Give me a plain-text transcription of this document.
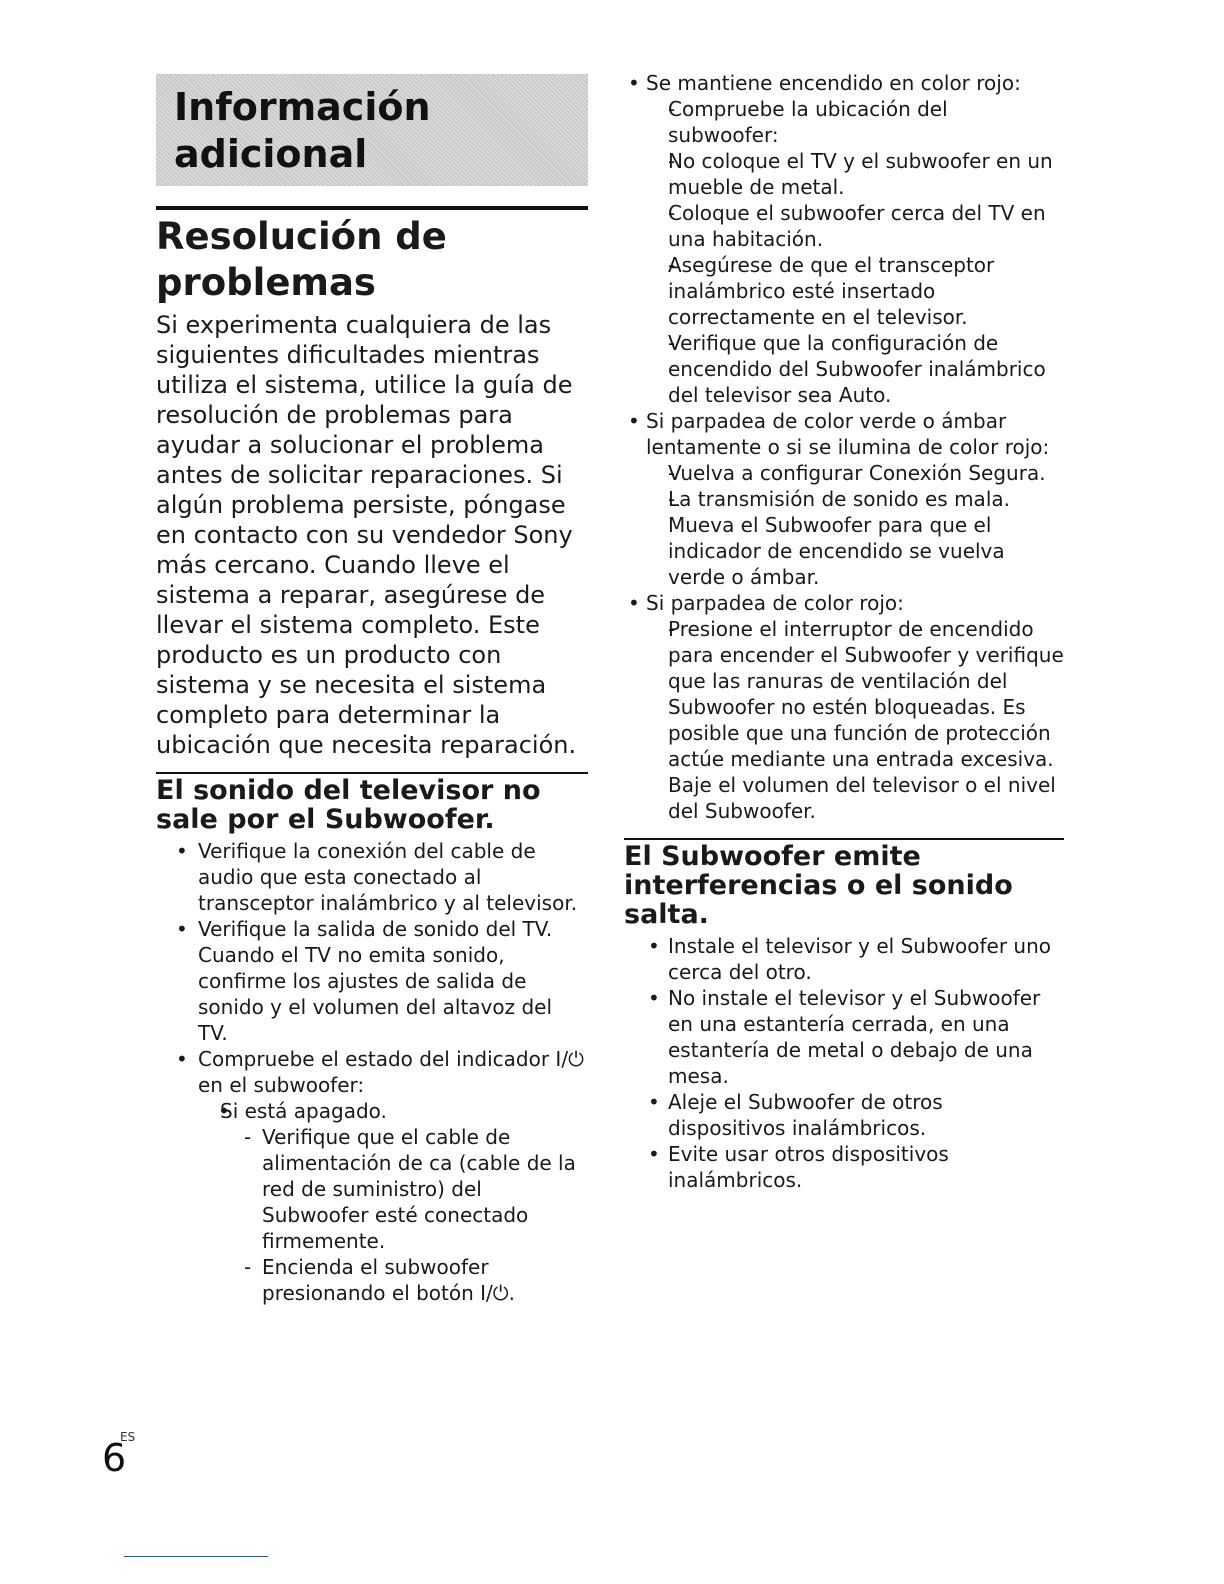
Información
adicional
Resolución de
problemas

Si experimenta cualquiera de las siguientes dificultades mientras utiliza el sistema, utilice la guía de resolución de problemas para ayudar a solucionar el problema antes de solicitar reparaciones. Si algún problema persiste, póngase en contacto con su vendedor Sony más cercano. Cuando lleve el sistema a reparar, asegúrese de llevar el sistema completo. Este producto es un producto con sistema y se necesita el sistema completo para determinar la ubicación que necesita reparación.

El sonido del televisor no sale por el Subwoofer.
• Verifique la conexión del cable de audio que esta conectado al transceptor inalámbrico y al televisor.
• Verifique la salida de sonido del TV. Cuando el TV no emita sonido, confirme los ajustes de salida de sonido y el volumen del altavoz del TV.
• Compruebe el estado del indicador I/⏻ en el subwoofer:
• Si está apagado.
- Verifique que el cable de alimentación de ca (cable de la red de suministro) del Subwoofer esté conectado firmemente.
- Encienda el subwoofer presionando el botón I/⏻.
• Se mantiene encendido en color rojo:
- Compruebe la ubicación del subwoofer:
- No coloque el TV y el subwoofer en un mueble de metal.
- Coloque el subwoofer cerca del TV en una habitación.
- Asegúrese de que el transceptor inalámbrico esté insertado correctamente en el televisor.
- Verifique que la configuración de encendido del Subwoofer inalámbrico del televisor sea Auto.
• Si parpadea de color verde o ámbar lentamente o si se ilumina de color rojo:
- Vuelva a configurar Conexión Segura.
- La transmisión de sonido es mala. Mueva el Subwoofer para que el indicador de encendido se vuelva verde o ámbar.
• Si parpadea de color rojo:
- Presione el interruptor de encendido para encender el Subwoofer y verifique que las ranuras de ventilación del Subwoofer no estén bloqueadas. Es posible que una función de protección actúe mediante una entrada excesiva. Baje el volumen del televisor o el nivel del Subwoofer.
El Subwoofer emite interferencias o el sonido salta.
• Instale el televisor y el Subwoofer uno cerca del otro.
• No instale el televisor y el Subwoofer en una estantería cerrada, en una estantería de metal o debajo de una mesa.
• Aleje el Subwoofer de otros dispositivos inalámbricos.
• Evite usar otros dispositivos inalámbricos.
ES
6
